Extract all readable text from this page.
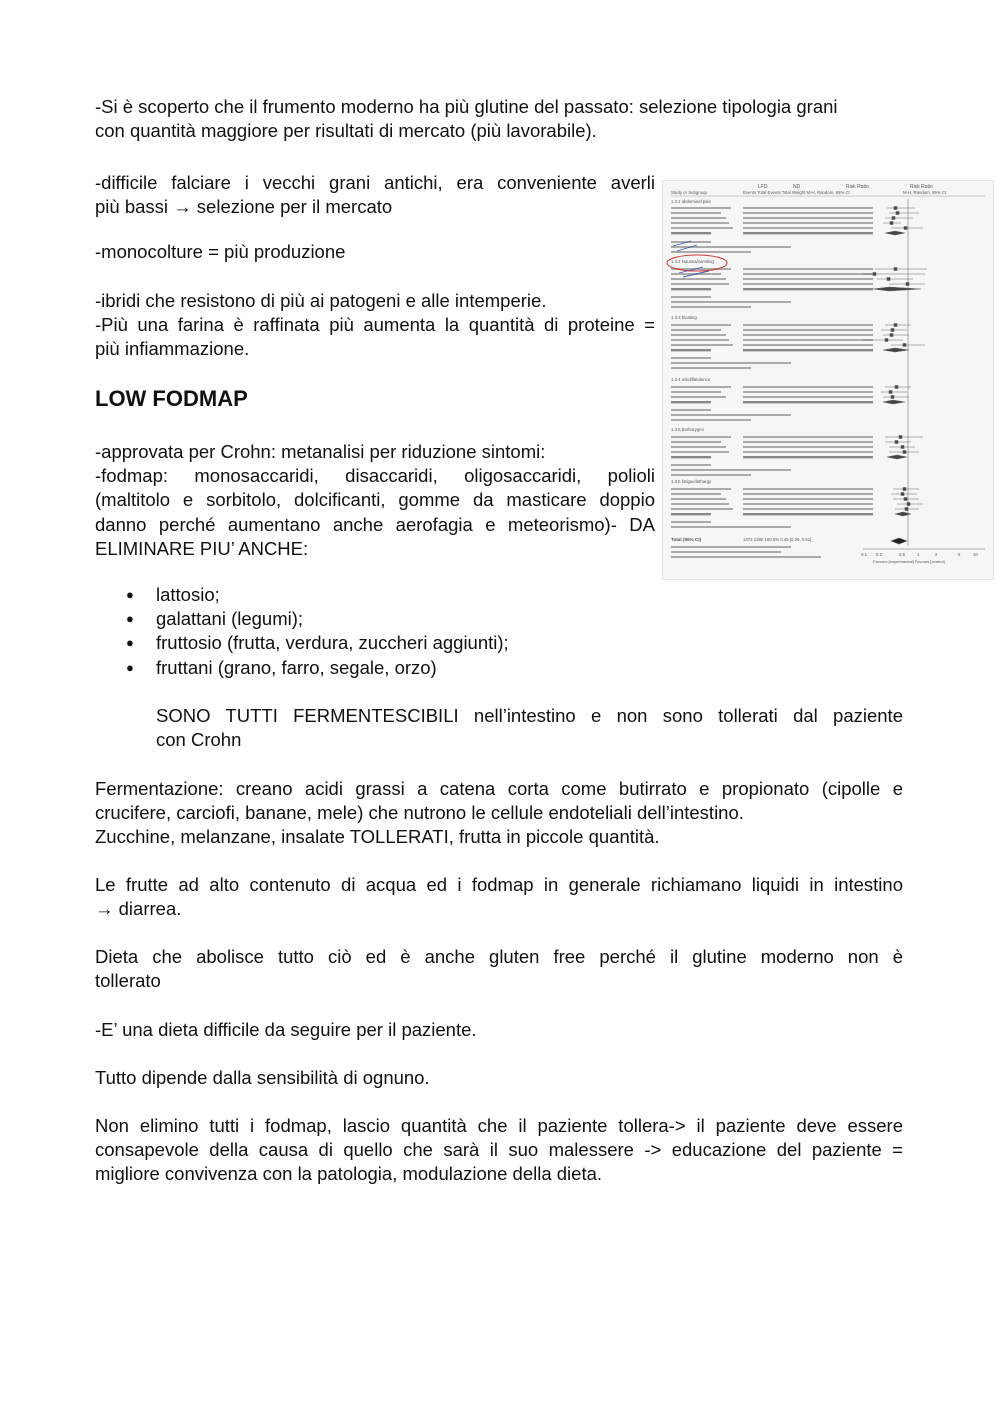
-Si è scoperto che il frumento moderno ha più glutine del passato: selezione tipologia grani
con quantità maggiore per risultati di mercato (più lavorabile).

-difficile falciare i vecchi grani antichi, era conveniente averli
più bassi → selezione per il mercato

-monocolture = più produzione

-ibridi che resistono di più ai patogeni e alle intemperie.
-Più una farina è raffinata più aumenta la quantità di proteine =
più infiammazione.

LOW FODMAP

-approvata per Crohn: metanalisi per riduzione sintomi:
-fodmap: monosaccaridi, disaccaridi, oligosaccaridi, polioli
(maltitolo e sorbitolo, dolcificanti, gomme da masticare doppio
danno perché aumentano anche aerofagia e meteorismo)- DA
ELIMINARE PIU’ ANCHE:

● lattosio;
● galattani (legumi);
● fruttosio (frutta, verdura, zuccheri aggiunti);
● fruttani (grano, farro, segale, orzo)

SONO TUTTI FERMENTESCIBILI nell’intestino e non sono tollerati dal paziente
con Crohn

Fermentazione: creano acidi grassi a catena corta come butirrato e propionato (cipolle e
crucifere, carciofi, banane, mele) che nutrono le cellule endoteliali dell’intestino.
Zucchine, melanzane, insalate TOLLERATI, frutta in piccole quantità.

Le frutte ad alto contenuto di acqua ed i fodmap in generale richiamano liquidi in intestino
→ diarrea.

Dieta che abolisce tutto ciò ed è anche gluten free perché il glutine moderno non è
tollerato

-E’ una dieta difficile da seguire per il paziente.

Tutto dipende dalla sensibilità di ognuno.

Non elimino tutti i fodmap, lascio quantità che il paziente tollera-> il paziente deve essere
consapevole della causa di quello che sarà il suo malessere -> educazione del paziente =
migliore convivenza con la patologia, modulazione della dieta.

LFD	ND	Risk Ratio	Risk Ratio
Study or Subgroup	Events Total Events Total Weight M-H, Random, 95% CI	M-H, Random, 95% CI
1.3.1 abdominal pain
1.3.2 Nausea/vomiting
1.3.3 bloating
1.3.4 wind/flatulence
1.3.5 Borborygmi
1.3.6 fatigue/lethargy
Total (95% CI)	1372 1380 100.0% 0.49 [0.39, 0.61]
0.1 0.2	0.5	1	2	5	10
Favours [experimental] Favours [control]
